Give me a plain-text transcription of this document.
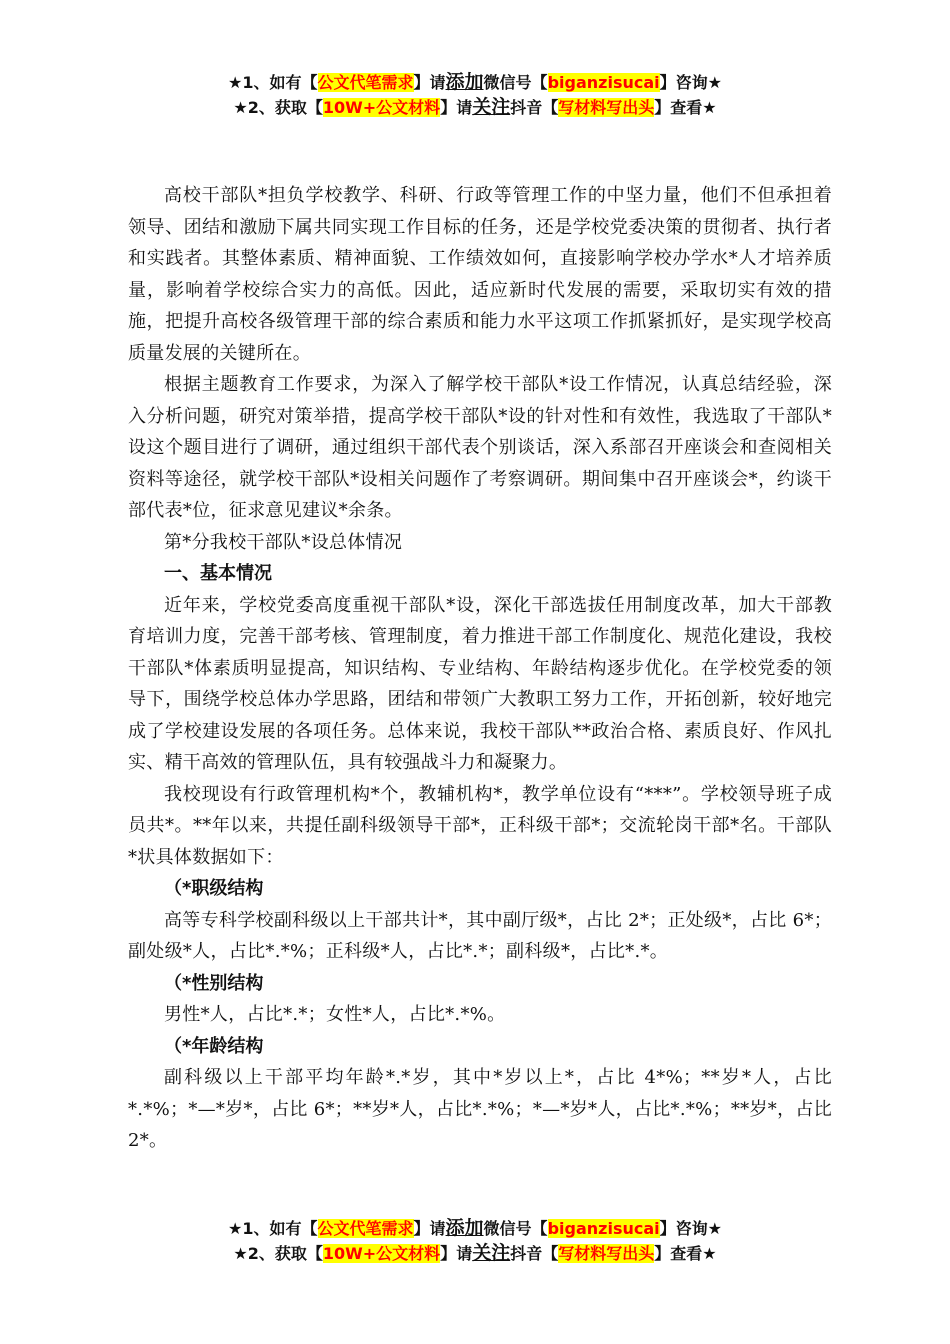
★1、如有【公文代笔需求】请添加微信号【biganzisucai】咨询★
★2、获取【10W+公文材料】请关注抖音【写材料写出头】查看★

高校干部队*担负学校教学、科研、行政等管理工作的中坚力量，他们不但承担着领导、团结和激励下属共同实现工作目标的任务，还是学校党委决策的贯彻者、执行者和实践者。其整体素质、精神面貌、工作绩效如何，直接影响学校办学水*人才培养质量，影响着学校综合实力的高低。因此，适应新时代发展的需要，采取切实有效的措施，把提升高校各级管理干部的综合素质和能力水平这项工作抓紧抓好，是实现学校高质量发展的关键所在。

根据主题教育工作要求，为深入了解学校干部队*设工作情况，认真总结经验，深入分析问题，研究对策举措，提高学校干部队*设的针对性和有效性，我选取了干部队*设这个题目进行了调研，通过组织干部代表个别谈话，深入系部召开座谈会和查阅相关资料等途径，就学校干部队*设相关问题作了考察调研。期间集中召开座谈会*，约谈干部代表*位，征求意见建议*余条。

第*分我校干部队*设总体情况

一、基本情况

近年来，学校党委高度重视干部队*设，深化干部选拔任用制度改革，加大干部教育培训力度，完善干部考核、管理制度，着力推进干部工作制度化、规范化建设，我校干部队*体素质明显提高，知识结构、专业结构、年龄结构逐步优化。在学校党委的领导下，围绕学校总体办学思路，团结和带领广大教职工努力工作，开拓创新，较好地完成了学校建设发展的各项任务。总体来说，我校干部队**政治合格、素质良好、作风扎实、精干高效的管理队伍，具有较强战斗力和凝聚力。

我校现设有行政管理机构*个，教辅机构*，教学单位设有“***”。学校领导班子成员共*。**年以来，共提任副科级领导干部*，正科级干部*；交流轮岗干部*名。干部队*状具体数据如下：

（*职级结构

高等专科学校副科级以上干部共计*，其中副厅级*，占比 2*；正处级*，占比 6*；副处级*人，占比*.*%；正科级*人，占比*.*；副科级*，占比*.*。

（*性别结构

男性*人，占比*.*；女性*人，占比*.*%。

（*年龄结构

副科级以上干部平均年龄*.*岁，其中*岁以上*，占比 4*%；**岁*人，占比*.*%；*—*岁*，占比 6*；**岁*人，占比*.*%；*—*岁*人，占比*.*%；**岁*，占比 2*。

★1、如有【公文代笔需求】请添加微信号【biganzisucai】咨询★
★2、获取【10W+公文材料】请关注抖音【写材料写出头】查看★
